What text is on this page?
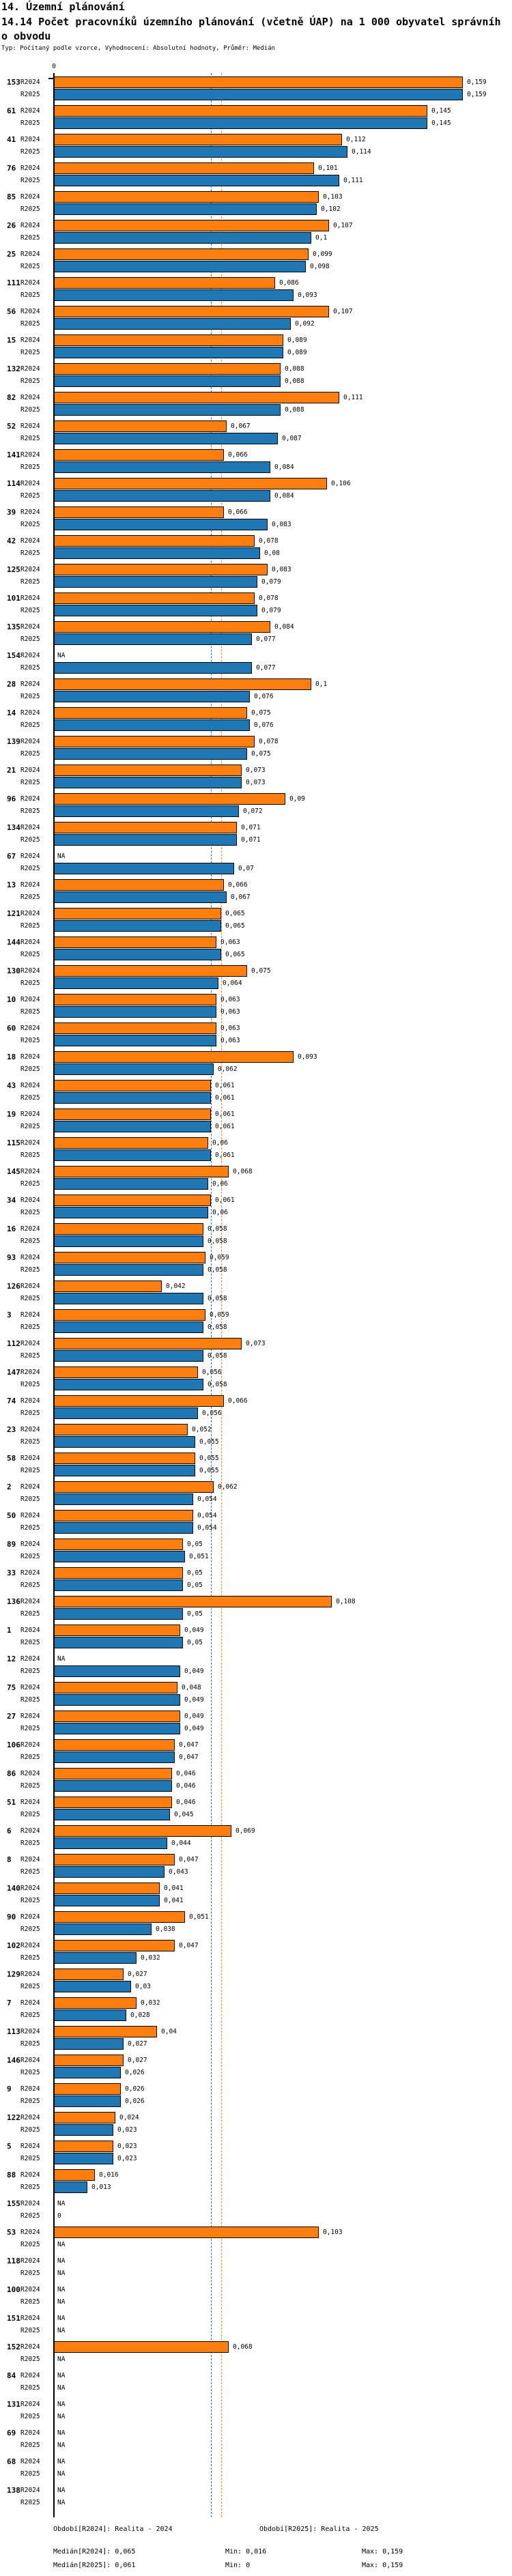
14. Územní plánování
14.14 Počet pracovníků územního plánování (včetně ÚAP) na 1 000 obyvatel správníh
o obvodu
Typ: Počítaný podle vzorce, Vyhodnocení: Absolutní hodnoty, Průměr: Medián
0
153 R2024	0,159
R2025	0,159
61 R2024	0,145
R2025	0,145
41 R2024	0,112
R2025	0,114
76 R2024	0,101
R2025	0,111
85 R2024	0,103
R2025	0,102
26 R2024	0,107
R2025	0,1
25 R2024	0,099
R2025	0,098
111 R2024	0,086
R2025	0,093
56 R2024	0,107
R2025	0,092
15 R2024	0,089
R2025	0,089
132 R2024	0,088
R2025	0,088
82 R2024	0,111
R2025	0,088
52 R2024	0,067
R2025	0,087
141 R2024	0,066
R2025	0,084
114 R2024	0,106
R2025	0,084
39 R2024	0,066
R2025	0,083
42 R2024	0,078
R2025	0,08
125 R2024	0,083
R2025	0,079
101 R2024	0,078
R2025	0,079
135 R2024	0,084
R2025	0,077
154 R2024	NA
R2025	0,077
28 R2024	0,1
R2025	0,076
14 R2024	0,075
R2025	0,076
139 R2024	0,078
R2025	0,075
21 R2024	0,073
R2025	0,073
96 R2024	0,09
R2025	0,072
134 R2024	0,071
R2025	0,071
67 R2024	NA
R2025	0,07
13 R2024	0,066
R2025	0,067
121 R2024	0,065
R2025	0,065
144 R2024	0,063
R2025	0,065
130 R2024	0,075
R2025	0,064
10 R2024	0,063
R2025	0,063
60 R2024	0,063
R2025	0,063
18 R2024	0,093
R2025	0,062
43 R2024	0,061
R2025	0,061
19 R2024	0,061
R2025	0,061
115 R2024	0,06
R2025	0,061
145 R2024	0,068
R2025	0,06
34 R2024	0,061
R2025	0,06
16 R2024	0,058
R2025	0,058
93 R2024	0,059
R2025	0,058
126 R2024	0,042
R2025	0,058
3	R2024	0,059
R2025	0,058
112 R2024	0,073
R2025	0,058
147 R2024	0,056
R2025	0,058
74 R2024	0,066
R2025	0,056
23 R2024	0,052
R2025	0,055
58 R2024	0,055
R2025	0,055
2	R2024	0,062
R2025	0,054
50 R2024	0,054
R2025	0,054
89 R2024	0,05
R2025	0,051
33 R2024	0,05
R2025	0,05
136 R2024	0,108
R2025	0,05
1	R2024	0,049
R2025	0,05
12 R2024	NA
R2025	0,049
75 R2024	0,048
R2025	0,049
27 R2024	0,049
R2025	0,049
106 R2024	0,047
R2025	0,047
86 R2024	0,046
R2025	0,046
51 R2024	0,046
R2025	0,045
6	R2024	0,069
R2025	0,044
8	R2024	0,047
R2025	0,043
140 R2024	0,041
R2025	0,041
90 R2024	0,051
R2025	0,038
102 R2024	0,047
R2025	0,032
129 R2024	0,027
R2025	0,03
7	R2024	0,032
R2025	0,028
113 R2024	0,04
R2025	0,027
146 R2024	0,027
R2025	0,026
9	R2024	0,026
R2025	0,026
122 R2024	0,024
R2025	0,023
5	R2024	0,023
R2025	0,023
88 R2024	0,016
R2025	0,013
155 R2024	NA
R2025	0
53 R2024	0,103
R2025	NA
118 R2024	NA
R2025	NA
100 R2024	NA
R2025	NA
151 R2024	NA
R2025	NA
152 R2024	0,068
R2025	NA
84 R2024	NA
R2025	NA
131 R2024	NA
R2025	NA
69 R2024	NA
R2025	NA
68 R2024	NA
R2025	NA
138 R2024	NA
R2025	NA
Období[R2024]: Realita - 2024	Období[R2025]: Realita - 2025
Medián[R2024]: 0,065	Min: 0,016	Max: 0,159
Medián[R2025]: 0,061	Min: 0	Max: 0,159
